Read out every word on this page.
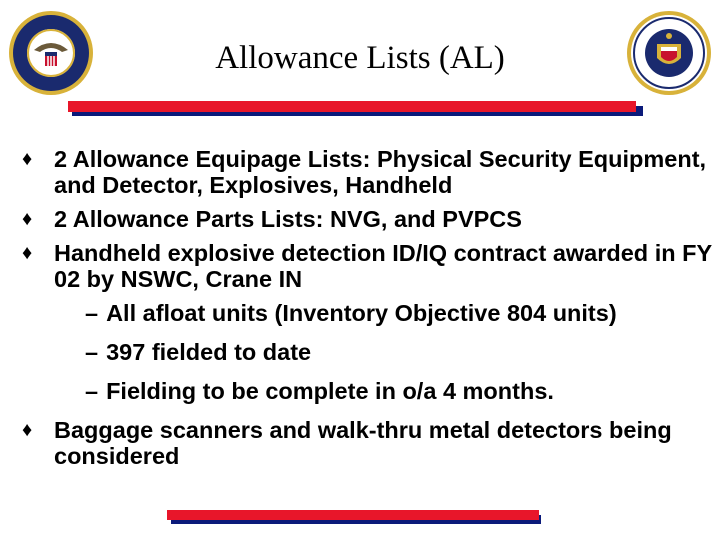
Allowance Lists (AL)
♦ 2 Allowance Equipage Lists: Physical Security Equipment, and Detector, Explosives, Handheld
♦ 2 Allowance Parts Lists: NVG, and PVPCS
♦ Handheld explosive detection ID/IQ contract awarded in FY 02 by NSWC, Crane IN
– All afloat units (Inventory Objective 804 units)
– 397 fielded to date
– Fielding to be complete in o/a 4 months.
♦ Baggage scanners and walk-thru metal detectors being considered
